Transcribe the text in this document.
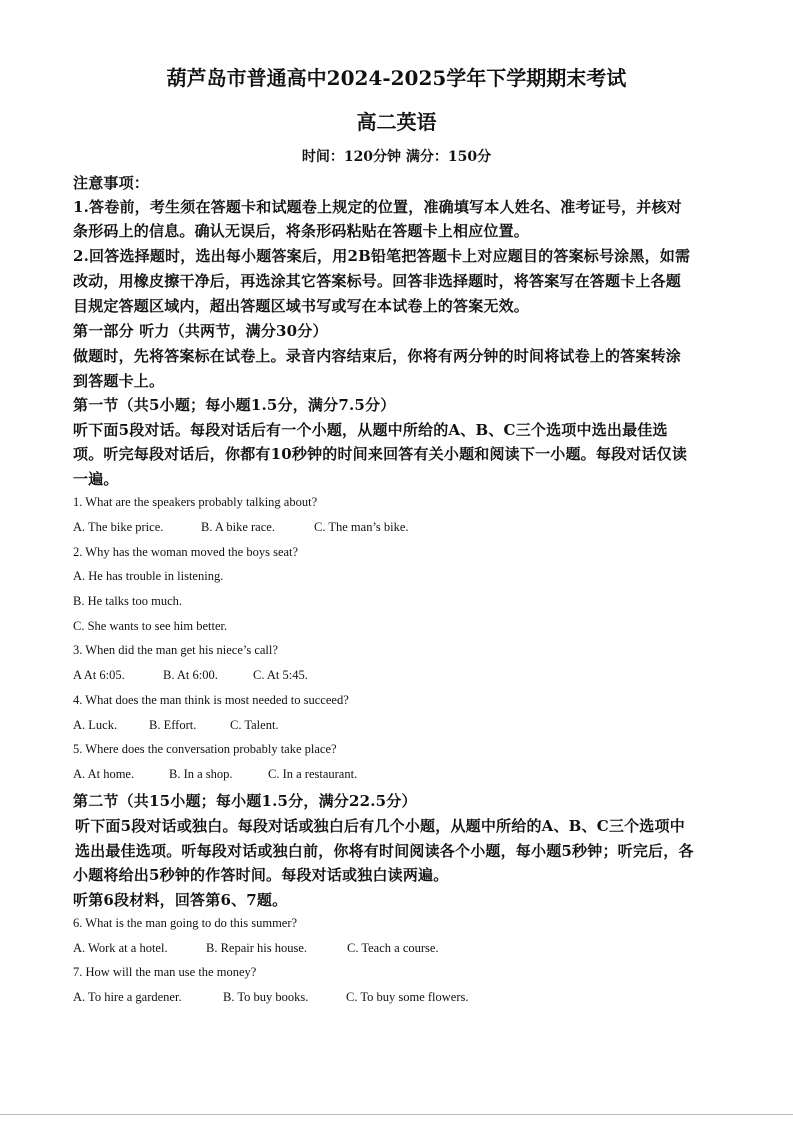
葫芦岛市普通高中2024-2025学年下学期期末考试
高二英语
时间：120分钟 满分：150分
注意事项：
1.答卷前，考生须在答题卡和试题卷上规定的位置，准确填写本人姓名、准考证号，并核对
条形码上的信息。确认无误后，将条形码粘贴在答题卡上相应位置。
2.回答选择题时，选出每小题答案后，用2B铅笔把答题卡上对应题目的答案标号涂黑，如需
改动，用橡皮擦干净后，再选涂其它答案标号。回答非选择题时，将答案写在答题卡上各题
目规定答题区域内，超出答题区域书写或写在本试卷上的答案无效。
第一部分 听力（共两节，满分30分）
做题时，先将答案标在试卷上。录音内容结束后，你将有两分钟的时间将试卷上的答案转涂
到答题卡上。
第一节（共5小题；每小题1.5分，满分7.5分）
听下面5段对话。每段对话后有一个小题，从题中所给的A、B、C三个选项中选出最佳选
项。听完每段对话后，你都有10秒钟的时间来回答有关小题和阅读下一小题。每段对话仅读
一遍。
1. What are the speakers probably talking about?
A. The bike price.	B. A bike race.	C. The man’s bike.
2. Why has the woman moved the boys seat?
A. He has trouble in listening.
B. He talks too much.
C. She wants to see him better.
3. When did the man get his niece’s call?
A At 6:05.	B. At 6:00.	C. At 5:45.
4. What does the man think is most needed to succeed?
A. Luck.	B. Effort.	C. Talent.
5. Where does the conversation probably take place?
A. At home.	B. In a shop.	C. In a restaurant.
第二节（共15小题；每小题1.5分，满分22.5分）
听下面5段对话或独白。每段对话或独白后有几个小题，从题中所给的A、B、C三个选项中
选出最佳选项。听每段对话或独白前，你将有时间阅读各个小题，每小题5秒钟；听完后，各
小题将给出5秒钟的作答时间。每段对话或独白读两遍。
听第6段材料，回答第6、7题。
6. What is the man going to do this summer?
A. Work at a hotel.	B. Repair his house.	C. Teach a course.
7. How will the man use the money?
A. To hire a gardener.	B. To buy books.	C. To buy some flowers.
